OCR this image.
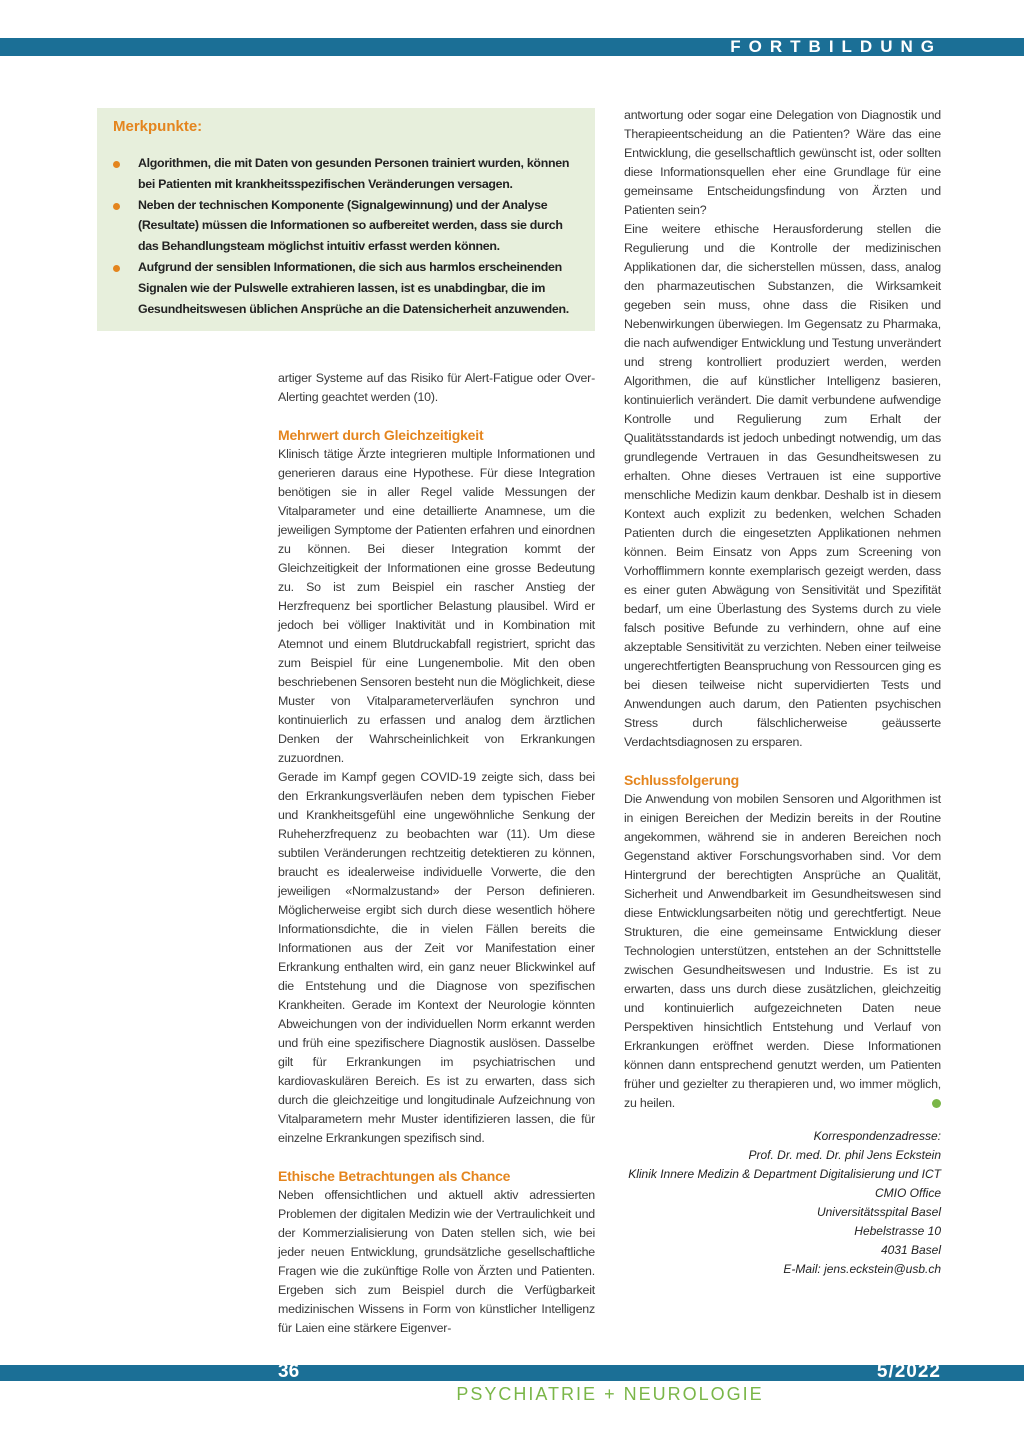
FORTBILDUNG
Merkpunkte:
Algorithmen, die mit Daten von gesunden Personen trainiert wurden, können bei Patienten mit krankheitsspezifischen Veränderungen versagen.
Neben der technischen Komponente (Signalgewinnung) und der Analyse (Resultate) müssen die Informationen so aufbereitet werden, dass sie durch das Behandlungsteam möglichst intuitiv erfasst werden können.
Aufgrund der sensiblen Informationen, die sich aus harmlos erscheinenden Signalen wie der Pulswelle extrahieren lassen, ist es unabdingbar, die im Gesundheitswesen üblichen Ansprüche an die Datensicherheit anzuwenden.

artiger Systeme auf das Risiko für Alert-Fatigue oder Over-Alerting geachtet werden (10).

Mehrwert durch Gleichzeitigkeit

Klinisch tätige Ärzte integrieren multiple Informationen und generieren daraus eine Hypothese. Für diese Integration benötigen sie in aller Regel valide Messungen der Vitalparameter und eine detaillierte Anamnese, um die jeweiligen Symptome der Patienten erfahren und einordnen zu können. Bei dieser Integration kommt der Gleichzeitigkeit der Informationen eine grosse Bedeutung zu. So ist zum Beispiel ein rascher Anstieg der Herzfrequenz bei sportlicher Belastung plausibel. Wird er jedoch bei völliger Inaktivität und in Kombination mit Atemnot und einem Blutdruckabfall registriert, spricht das zum Beispiel für eine Lungenembolie. Mit den oben beschriebenen Sensoren besteht nun die Möglichkeit, diese Muster von Vitalparameterverläufen synchron und kontinuierlich zu erfassen und analog dem ärztlichen Denken der Wahrscheinlichkeit von Erkrankungen zuzuordnen.

Gerade im Kampf gegen COVID-19 zeigte sich, dass bei den Erkrankungsverläufen neben dem typischen Fieber und Krankheitsgefühl eine ungewöhnliche Senkung der Ruheherzfrequenz zu beobachten war (11). Um diese subtilen Veränderungen rechtzeitig detektieren zu können, braucht es idealerweise individuelle Vorwerte, die den jeweiligen «Normalzustand» der Person definieren. Möglicherweise ergibt sich durch diese wesentlich höhere Informationsdichte, die in vielen Fällen bereits die Informationen aus der Zeit vor Manifestation einer Erkrankung enthalten wird, ein ganz neuer Blickwinkel auf die Entstehung und die Diagnose von spezifischen Krankheiten. Gerade im Kontext der Neurologie könnten Abweichungen von der individuellen Norm erkannt werden und früh eine spezifischere Diagnostik auslösen. Dasselbe gilt für Erkrankungen im psychiatrischen und kardiovaskulären Bereich. Es ist zu erwarten, dass sich durch die gleichzeitige und longitudinale Aufzeichnung von Vitalparametern mehr Muster identifizieren lassen, die für einzelne Erkrankungen spezifisch sind.

Ethische Betrachtungen als Chance

Neben offensichtlichen und aktuell aktiv adressierten Problemen der digitalen Medizin wie der Vertraulichkeit und der Kommerzialisierung von Daten stellen sich, wie bei jeder neuen Entwicklung, grundsätzliche gesellschaftliche Fragen wie die zukünftige Rolle von Ärzten und Patienten. Ergeben sich zum Beispiel durch die Verfügbarkeit medizinischen Wissens in Form von künstlicher Intelligenz für Laien eine stärkere Eigenver-

antwortung oder sogar eine Delegation von Diagnostik und Therapieentscheidung an die Patienten? Wäre das eine Entwicklung, die gesellschaftlich gewünscht ist, oder sollten diese Informationsquellen eher eine Grundlage für eine gemeinsame Entscheidungsfindung von Ärzten und Patienten sein?

Eine weitere ethische Herausforderung stellen die Regulierung und die Kontrolle der medizinischen Applikationen dar, die sicherstellen müssen, dass, analog den pharmazeutischen Substanzen, die Wirksamkeit gegeben sein muss, ohne dass die Risiken und Nebenwirkungen überwiegen. Im Gegensatz zu Pharmaka, die nach aufwendiger Entwicklung und Testung unverändert und streng kontrolliert produziert werden, werden Algorithmen, die auf künstlicher Intelligenz basieren, kontinuierlich verändert. Die damit verbundene aufwendige Kontrolle und Regulierung zum Erhalt der Qualitätsstandards ist jedoch unbedingt notwendig, um das grundlegende Vertrauen in das Gesundheitswesen zu erhalten. Ohne dieses Vertrauen ist eine supportive menschliche Medizin kaum denkbar. Deshalb ist in diesem Kontext auch explizit zu bedenken, welchen Schaden Patienten durch die eingesetzten Applikationen nehmen können. Beim Einsatz von Apps zum Screening von Vorhofflimmern konnte exemplarisch gezeigt werden, dass es einer guten Abwägung von Sensitivität und Spezifität bedarf, um eine Überlastung des Systems durch zu viele falsch positive Befunde zu verhindern, ohne auf eine akzeptable Sensitivität zu verzichten. Neben einer teilweise ungerechtfertigten Beanspruchung von Ressourcen ging es bei diesen teilweise nicht supervidierten Tests und Anwendungen auch darum, den Patienten psychischen Stress durch fälschlicherweise geäusserte Verdachtsdiagnosen zu ersparen.

Schlussfolgerung

Die Anwendung von mobilen Sensoren und Algorithmen ist in einigen Bereichen der Medizin bereits in der Routine angekommen, während sie in anderen Bereichen noch Gegenstand aktiver Forschungsvorhaben sind. Vor dem Hintergrund der berechtigten Ansprüche an Qualität, Sicherheit und Anwendbarkeit im Gesundheitswesen sind diese Entwicklungsarbeiten nötig und gerechtfertigt. Neue Strukturen, die eine gemeinsame Entwicklung dieser Technologien unterstützen, entstehen an der Schnittstelle zwischen Gesundheitswesen und Industrie. Es ist zu erwarten, dass uns durch diese zusätzlichen, gleichzeitig und kontinuierlich aufgezeichneten Daten neue Perspektiven hinsichtlich Entstehung und Verlauf von Erkrankungen eröffnet werden. Diese Informationen können dann entsprechend genutzt werden, um Patienten früher und gezielter zu therapieren und, wo immer möglich, zu heilen.

Korrespondenzadresse:
Prof. Dr. med. Dr. phil Jens Eckstein
Klinik Innere Medizin & Department Digitalisierung und ICT
CMIO Office
Universitätsspital Basel
Hebelstrasse 10
4031 Basel
E-Mail: jens.eckstein@usb.ch
36	5/2022
PSYCHIATRIE + NEUROLOGIE
